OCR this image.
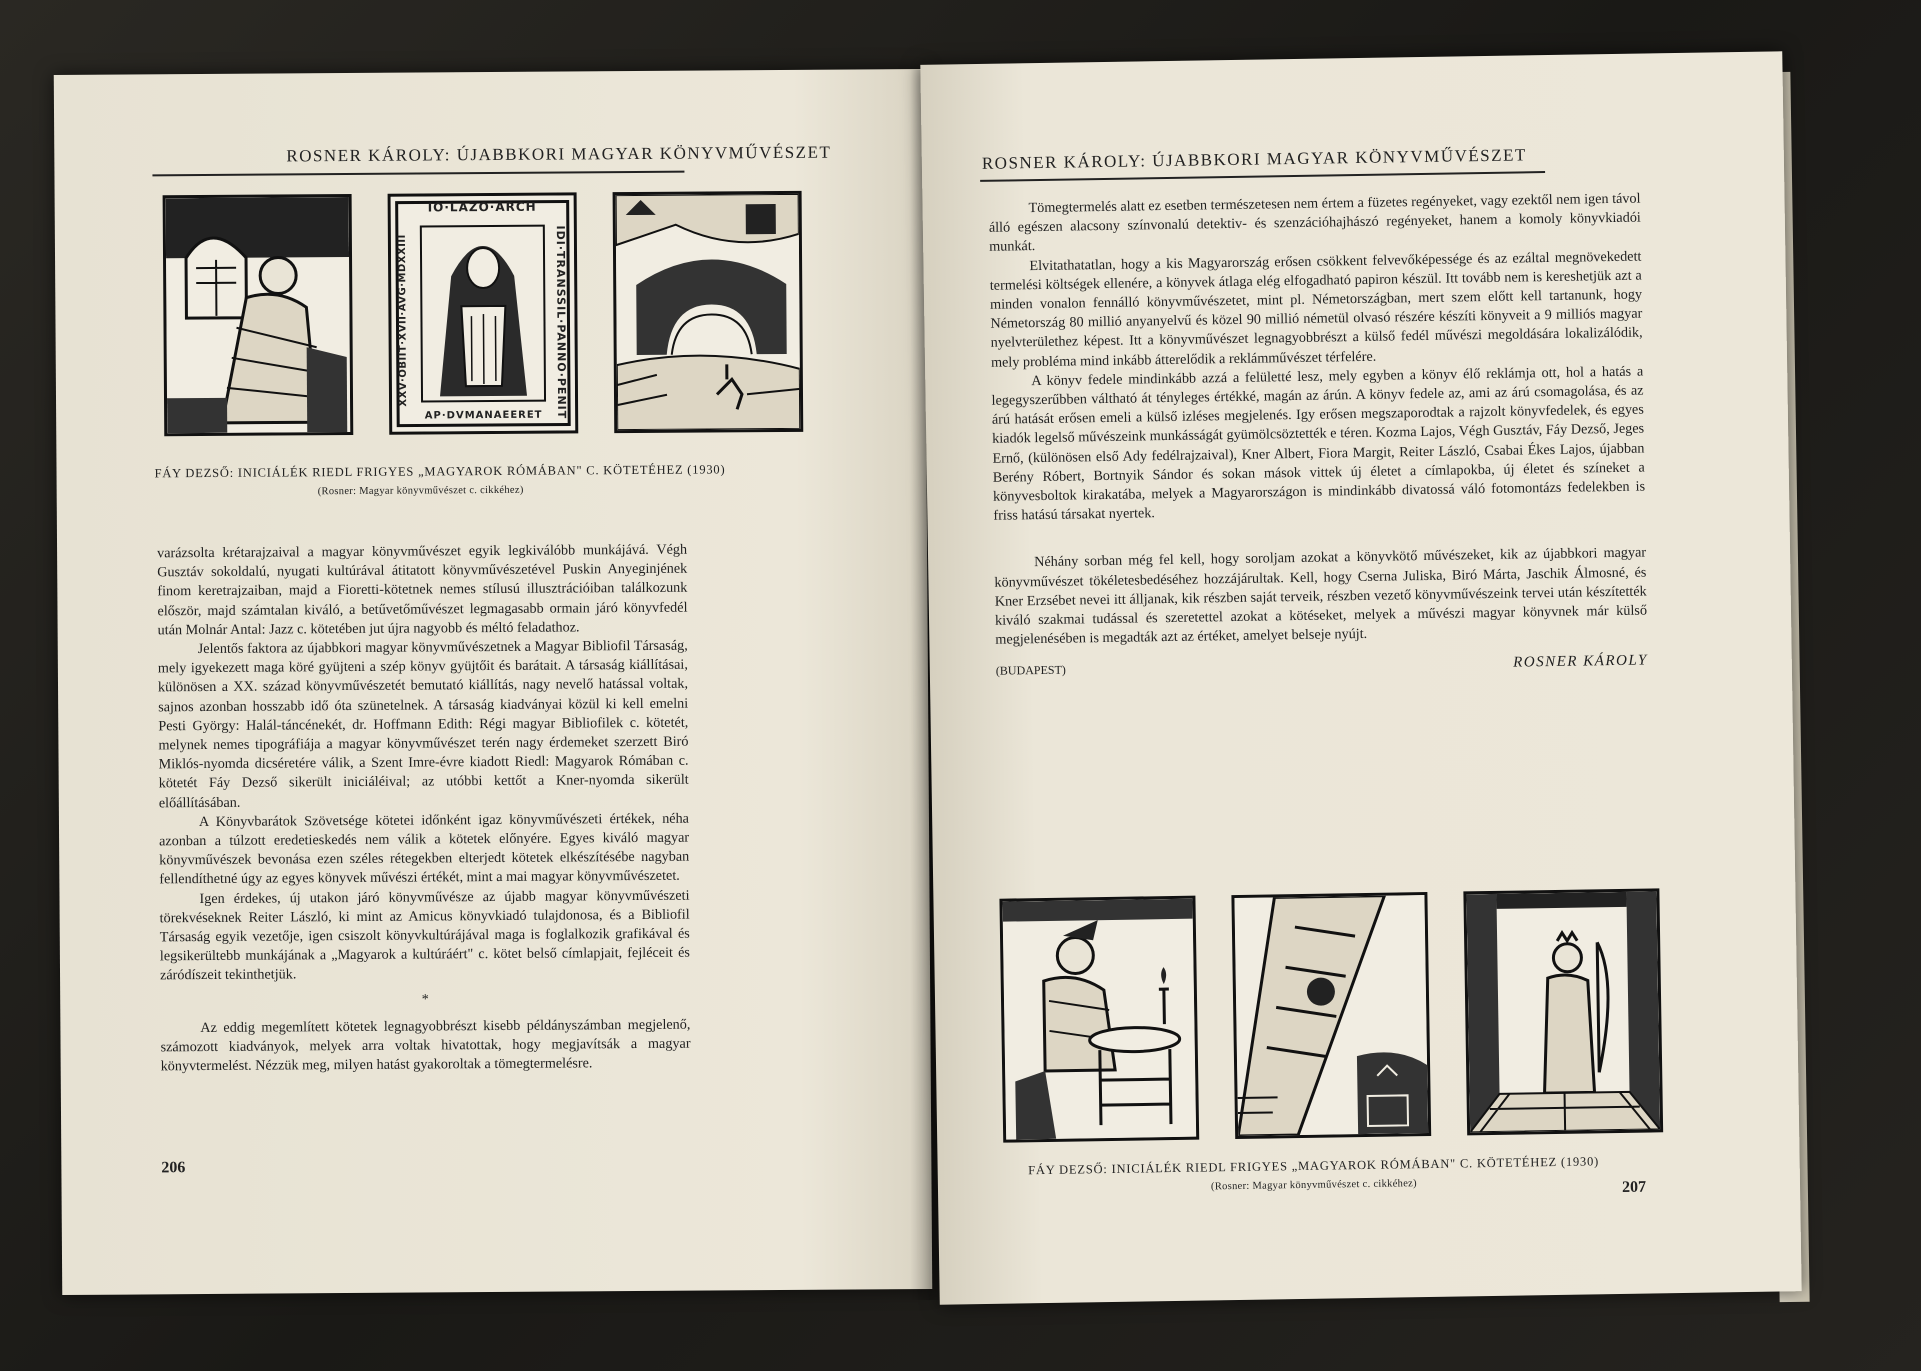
ROSNER KÁROLY: ÚJABBKORI MAGYAR KÖNYVMŰVÉSZET
IO·LAZO·ARCH
IDI·TRANSSIL·PANNO·PENIT
XXV·OBIIT·XVII·AVG·MDXXIII
AP·DVMANAEERET
FÁY DEZSŐ: INICIÁLÉK RIEDL FRIGYES „MAGYAROK RÓMÁBAN" C. KÖTETÉHEZ (1930)
(Rosner: Magyar könyvművészet c. cikkéhez)

varázsolta krétarajzaival a magyar könyvművészet egyik legkiválóbb munkájává. Végh Gusztáv sokoldalú, nyugati kultúrával átitatott könyvművészetével Puskin Anyeginjének finom keretrajzaiban, majd a Fioretti-kötetnek nemes stílusú illusztrációiban találkozunk először, majd számtalan kiváló, a betűvetőművészet legmagasabb ormain járó könyvfedél után Molnár Antal: Jazz c. kötetében jut újra nagyobb és méltó feladathoz.

Jelentős faktora az újabbkori magyar könyvművészetnek a Magyar Bibliofil Társaság, mely igyekezett maga köré gyüjteni a szép könyv gyüjtőit és barátait. A társaság kiállításai, különösen a XX. század könyvművészetét bemutató kiállítás, nagy nevelő hatással voltak, sajnos azonban hosszabb idő óta szünetelnek. A társaság kiadványai közül ki kell emelni Pesti György: Halál-táncénekét, dr. Hoffmann Edith: Régi magyar Bibliofilek c. kötetét, melynek nemes tipográfiája a magyar könyvművészet terén nagy érdemeket szerzett Biró Miklós-nyomda dicséretére válik, a Szent Imre-évre kiadott Riedl: Magyarok Rómában c. kötetét Fáy Dezső sikerült iniciáléival; az utóbbi kettőt a Kner-nyomda sikerült előállításában.

A Könyvbarátok Szövetsége kötetei időnként igaz könyvművészeti értékek, néha azonban a túlzott eredetieskedés nem válik a kötetek előnyére. Egyes kiváló magyar könyvművészek bevonása ezen széles rétegekben elterjedt kötetek elkészítésébe nagyban fellendíthetné úgy az egyes könyvek művészi értékét, mint a mai magyar könyvművészetet.

Igen érdekes, új utakon járó könyvművésze az újabb magyar könyvművészeti törekvéseknek Reiter László, ki mint az Amicus könyvkiadó tulajdonosa, és a Bibliofil Társaság egyik vezetője, igen csiszolt könyvkultúrájával maga is foglalkozik grafikával és legsikerültebb munkájának a „Magyarok a kultúráért" c. kötet belső címlapjait, fejléceit és záródíszeit tekinthetjük.

*

Az eddig megemlített kötetek legnagyobbrészt kisebb példányszámban megjelenő, számozott kiadványok, melyek arra voltak hivatottak, hogy megjavítsák a magyar könyvtermelést. Nézzük meg, milyen hatást gyakoroltak a tömegtermelésre.

206
ROSNER KÁROLY: ÚJABBKORI MAGYAR KÖNYVMŰVÉSZET

Tömegtermelés alatt ez esetben természetesen nem értem a füzetes regényeket, vagy ezektől nem igen távol álló egészen alacsony színvonalú detektiv- és szenzációhajhászó regényeket, hanem a komoly könyvkiadói munkát.

Elvitathatatlan, hogy a kis Magyarország erősen csökkent felvevőképessége és az ezáltal megnövekedett termelési költségek ellenére, a könyvek átlaga elég elfogadható papiron készül. Itt tovább nem is kereshetjük azt a minden vonalon fennálló könyvművészetet, mint pl. Németországban, mert szem előtt kell tartanunk, hogy Németország 80 millió anyanyelvű és közel 90 millió németül olvasó részére készíti könyveit a 9 milliós magyar nyelvterülethez képest. Itt a könyvművészet legnagyobbrészt a külső fedél művészi megoldására lokalizálódik, mely probléma mind inkább átterelődik a reklámművészet térfelére.

A könyv fedele mindinkább azzá a felületté lesz, mely egyben a könyv élő reklámja ott, hol a hatás a legegyszerűbben váltható át tényleges értékké, magán az árún. A könyv fedele az, ami az árú csomagolása, és az árú hatását erősen emeli a külső izléses megjelenés. Igy erősen megszaporodtak a rajzolt könyvfedelek, és egyes kiadók legelső művészeink munkásságát gyümölcsöztették e téren. Kozma Lajos, Végh Gusztáv, Fáy Dezső, Jeges Ernő, (különösen első Ady fedélrajzaival), Kner Albert, Fiora Margit, Reiter László, Csabai Ékes Lajos, újabban Berény Róbert, Bortnyik Sándor és sokan mások vittek új életet a címlapokba, új életet és színeket a könyvesboltok kirakatába, melyek a Magyarországon is mindinkább divatossá váló fotomontázs fedelekben is friss hatású társakat nyertek.

Néhány sorban még fel kell, hogy soroljam azokat a könyvkötő művészeket, kik az újabbkori magyar könyvművészet tökéletesbedéséhez hozzájárultak. Kell, hogy Cserna Juliska, Biró Márta, Jaschik Álmosné, és Kner Erzsébet nevei itt álljanak, kik részben saját terveik, részben vezető könyvművészeink tervei után készítették kiváló szakmai tudással és szeretettel azokat a kötéseket, melyek a művészi magyar könyvnek már külső megjelenésében is megadták azt az értéket, amelyet belseje nyújt.

(BUDAPEST)	ROSNER KÁROLY
FÁY DEZSŐ: INICIÁLÉK RIEDL FRIGYES „MAGYAROK RÓMÁBAN" C. KÖTETÉHEZ (1930)
(Rosner: Magyar könyvművészet c. cikkéhez)	207
